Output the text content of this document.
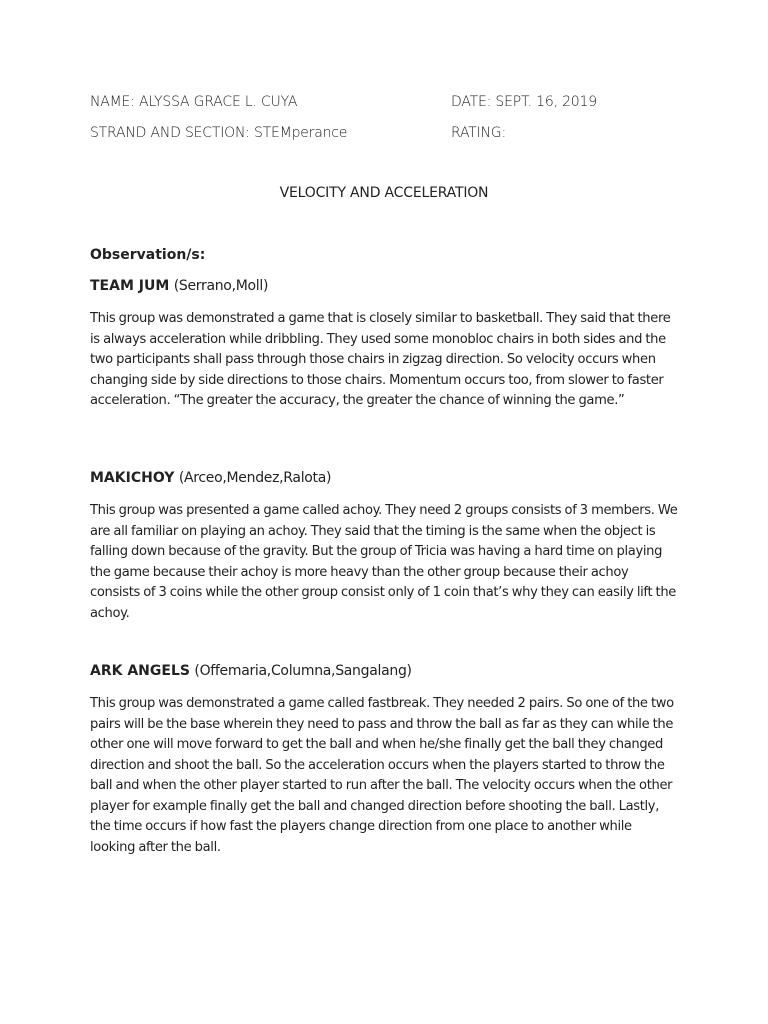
NAME: ALYSSA GRACE L. CUYA	DATE: SEPT. 16, 2019
STRAND AND SECTION: STEMperance	RATING:
VELOCITY AND ACCELERATION
Observation/s:

TEAM JUM (Serrano,Moll)

This group was demonstrated a game that is closely similar to basketball. They said that there is always acceleration while dribbling. They used some monobloc chairs in both sides and the two participants shall pass through those chairs in zigzag direction. So velocity occurs when changing side by side directions to those chairs. Momentum occurs too, from slower to faster acceleration. “The greater the accuracy, the greater the chance of winning the game.”

MAKICHOY (Arceo,Mendez,Ralota)

This group was presented a game called achoy. They need 2 groups consists of 3 members. We are all familiar on playing an achoy. They said that the timing is the same when the object is falling down because of the gravity. But the group of Tricia was having a hard time on playing the game because their achoy is more heavy than the other group because their achoy consists of 3 coins while the other group consist only of 1 coin that’s why they can easily lift the achoy.

ARK ANGELS (Offemaria,Columna,Sangalang)

This group was demonstrated a game called fastbreak. They needed 2 pairs. So one of the two pairs will be the base wherein they need to pass and throw the ball as far as they can while the other one will move forward to get the ball and when he/she finally get the ball they changed direction and shoot the ball. So the acceleration occurs when the players started to throw the ball and when the other player started to run after the ball. The velocity occurs when the other player for example finally get the ball and changed direction before shooting the ball. Lastly, the time occurs if how fast the players change direction from one place to another while looking after the ball.
